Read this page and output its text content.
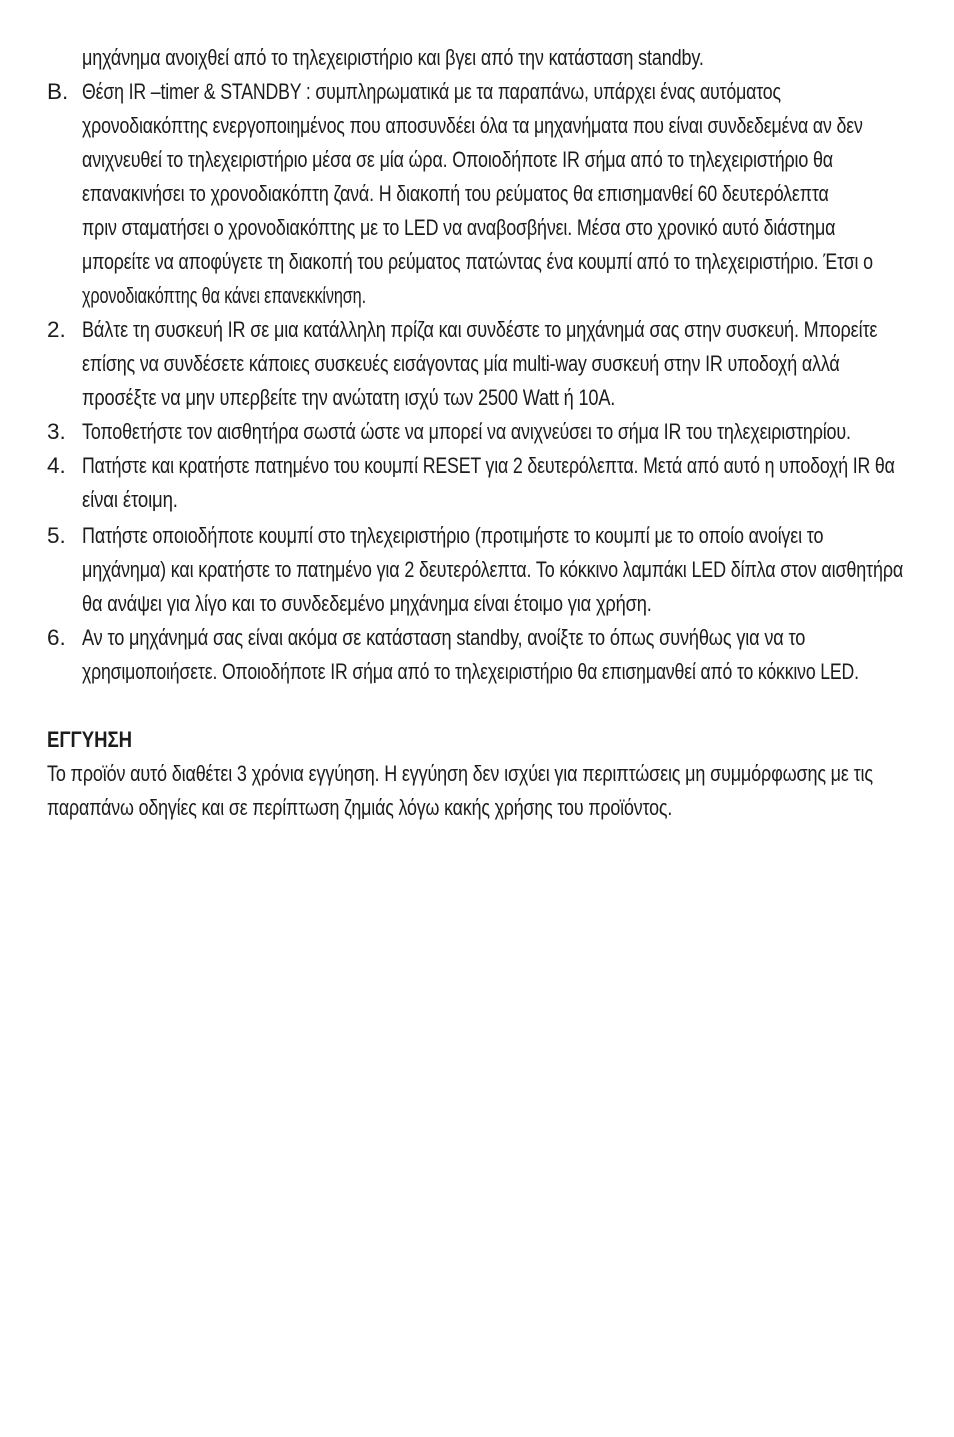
μηχάνημα ανοιχθεί από το τηλεχειριστήριο και βγει από την κατάσταση standby.
B. Θέση IR –timer & STANDBY : συμπληρωματικά με τα παραπάνω, υπάρχει ένας αυτόματος
χρονοδιακόπτης ενεργοποιημένος που αποσυνδέει όλα τα μηχανήματα που είναι συνδεδεμένα αν δεν
ανιχνευθεί το τηλεχειριστήριο μέσα σε μία ώρα. Οποιοδήποτε IR σήμα από το τηλεχειριστήριο θα
επανακινήσει το χρονοδιακόπτη ζανά. Η διακοπή του ρεύματος θα επισημανθεί 60 δευτερόλεπτα
πριν σταματήσει ο χρονοδιακόπτης με το LED να αναβοσβήνει. Μέσα στο χρονικό αυτό διάστημα
μπορείτε να αποφύγετε τη διακοπή του ρεύματος πατώντας ένα κουμπί από το τηλεχειριστήριο. Έτσι ο
χρονοδιακόπτης θα κάνει επανεκκίνηση.
2. Βάλτε τη συσκευή IR σε μια κατάλληλη πρίζα και συνδέστε το μηχάνημά σας στην συσκευή. Μπορείτε
επίσης να συνδέσετε κάποιες συσκευές εισάγοντας μία multi-way συσκευή στην IR υποδοχή αλλά
προσέξτε να μην υπερβείτε την ανώτατη ισχύ των 2500 Watt ή 10A.
3. Τοποθετήστε τον αισθητήρα σωστά ώστε να μπορεί να ανιχνεύσει το σήμα IR του τηλεχειριστηρίου.
4. Πατήστε και κρατήστε πατημένο του κουμπί RESET για 2 δευτερόλεπτα. Μετά από αυτό η υποδοχή IR θα
είναι έτοιμη.
5. Πατήστε οποιοδήποτε κουμπί στο τηλεχειριστήριο (προτιμήστε το κουμπί με το οποίο ανοίγει το
μηχάνημα) και κρατήστε το πατημένο για 2 δευτερόλεπτα. Το κόκκινο λαμπάκι LED δίπλα στον αισθητήρα
θα ανάψει για λίγο και το συνδεδεμένο μηχάνημα είναι έτοιμο για χρήση.
6. Αν το μηχάνημά σας είναι ακόμα σε κατάσταση standby, ανοίξτε το όπως συνήθως για να το
χρησιμοποιήσετε. Οποιοδήποτε IR σήμα από το τηλεχειριστήριο θα επισημανθεί από το κόκκινο LED.
ΕΓΓΥΗΣΗ
Το προϊόν αυτό διαθέτει 3 χρόνια εγγύηση. Η εγγύηση δεν ισχύει για περιπτώσεις μη συμμόρφωσης με τις
παραπάνω οδηγίες και σε περίπτωση ζημιάς λόγω κακής χρήσης του προϊόντος.
